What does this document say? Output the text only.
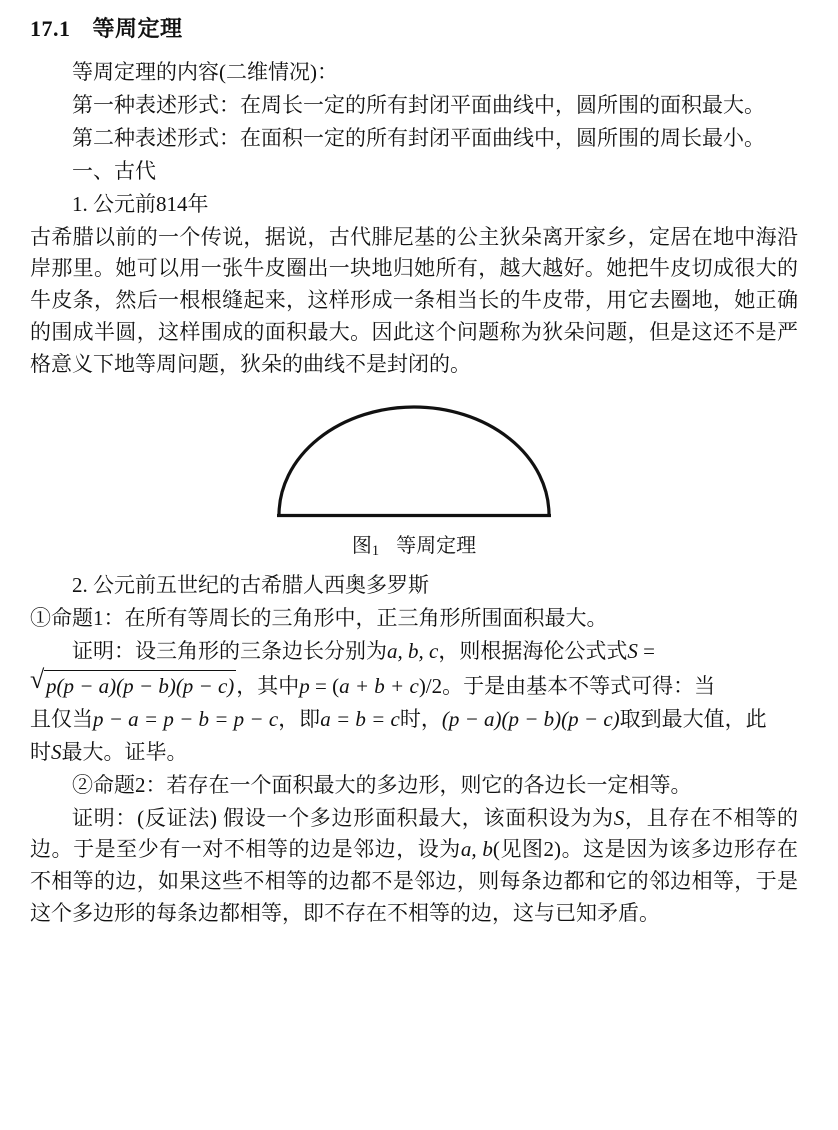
17.1 等周定理

等周定理的内容(二维情况)：

第一种表述形式：在周长一定的所有封闭平面曲线中，圆所围的面积最大。

第二种表述形式：在面积一定的所有封闭平面曲线中，圆所围的周长最小。

一、古代

1. 公元前814年

古希腊以前的一个传说，据说，古代腓尼基的公主狄朵离开家乡，定居在地中海沿岸那里。她可以用一张牛皮圈出一块地归她所有，越大越好。她把牛皮切成很大的牛皮条，然后一根根缝起来，这样形成一条相当长的牛皮带，用它去圈地，她正确的围成半圆，这样围成的面积最大。因此这个问题称为狄朵问题，但是这还不是严格意义下地等周问题，狄朵的曲线不是封闭的。

图1 等周定理

2. 公元前五世纪的古希腊人西奥多罗斯

①命题1：在所有等周长的三角形中，正三角形所围面积最大。

证明：设三角形的三条边长分别为a, b, c，则根据海伦公式式S =

√ p(p − a)(p − b)(p − c)，其中p = (a + b + c)/2。于是由基本不等式可得：当

且仅当p − a = p − b = p − c，即a = b = c时，(p − a)(p − b)(p − c)取到最大值，此

时S最大。证毕。

②命题2：若存在一个面积最大的多边形，则它的各边长一定相等。

证明：(反证法) 假设一个多边形面积最大，该面积设为为S，且存在不相等的边。于是至少有一对不相等的边是邻边，设为a, b(见图2)。这是因为该多边形存在不相等的边，如果这些不相等的边都不是邻边，则每条边都和它的邻边相等，于是这个多边形的每条边都相等，即不存在不相等的边，这与已知矛盾。
